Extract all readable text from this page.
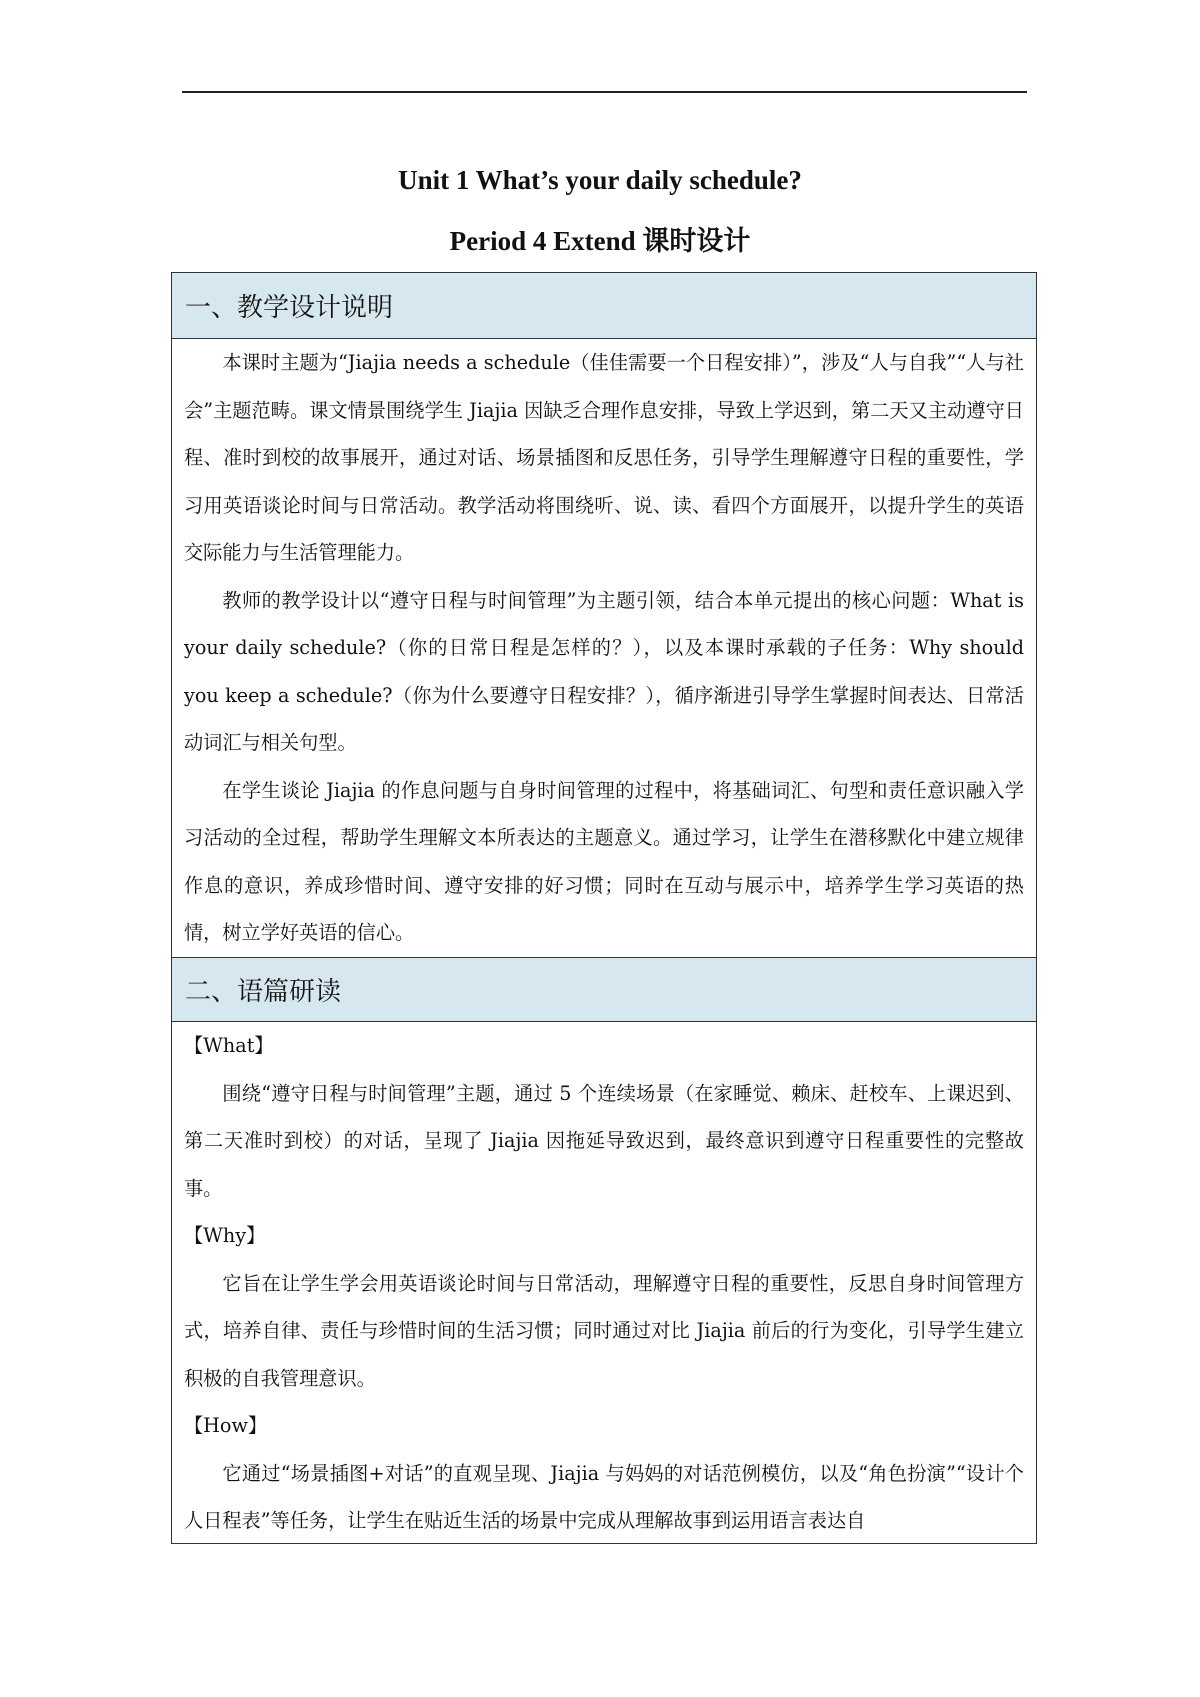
Unit 1 What’s your daily schedule?
Period 4 Extend 课时设计
一、教学设计说明

本课时主题为“Jiajia needs a schedule（佳佳需要一个日程安排）”，涉及“人与自我”“人与社会”主题范畴。课文情景围绕学生 Jiajia 因缺乏合理作息安排，导致上学迟到，第二天又主动遵守日程、准时到校的故事展开，通过对话、场景插图和反思任务，引导学生理解遵守日程的重要性，学习用英语谈论时间与日常活动。教学活动将围绕听、说、读、看四个方面展开，以提升学生的英语交际能力与生活管理能力。

教师的教学设计以“遵守日程与时间管理”为主题引领，结合本单元提出的核心问题：What is your daily schedule?（你的日常日程是怎样的？），以及本课时承载的子任务：Why should you keep a schedule?（你为什么要遵守日程安排？），循序渐进引导学生掌握时间表达、日常活动词汇与相关句型。

在学生谈论 Jiajia 的作息问题与自身时间管理的过程中，将基础词汇、句型和责任意识融入学习活动的全过程，帮助学生理解文本所表达的主题意义。通过学习，让学生在潜移默化中建立规律作息的意识，养成珍惜时间、遵守安排的好习惯；同时在互动与展示中，培养学生学习英语的热情，树立学好英语的信心。

二、语篇研读

【What】

围绕“遵守日程与时间管理”主题，通过 5 个连续场景（在家睡觉、赖床、赶校车、上课迟到、第二天准时到校）的对话，呈现了 Jiajia 因拖延导致迟到，最终意识到遵守日程重要性的完整故事。

【Why】

它旨在让学生学会用英语谈论时间与日常活动，理解遵守日程的重要性，反思自身时间管理方式，培养自律、责任与珍惜时间的生活习惯；同时通过对比 Jiajia 前后的行为变化，引导学生建立积极的自我管理意识。

【How】

它通过“场景插图+对话”的直观呈现、Jiajia 与妈妈的对话范例模仿，以及“角色扮演”“设计个人日程表”等任务，让学生在贴近生活的场景中完成从理解故事到运用语言表达自
